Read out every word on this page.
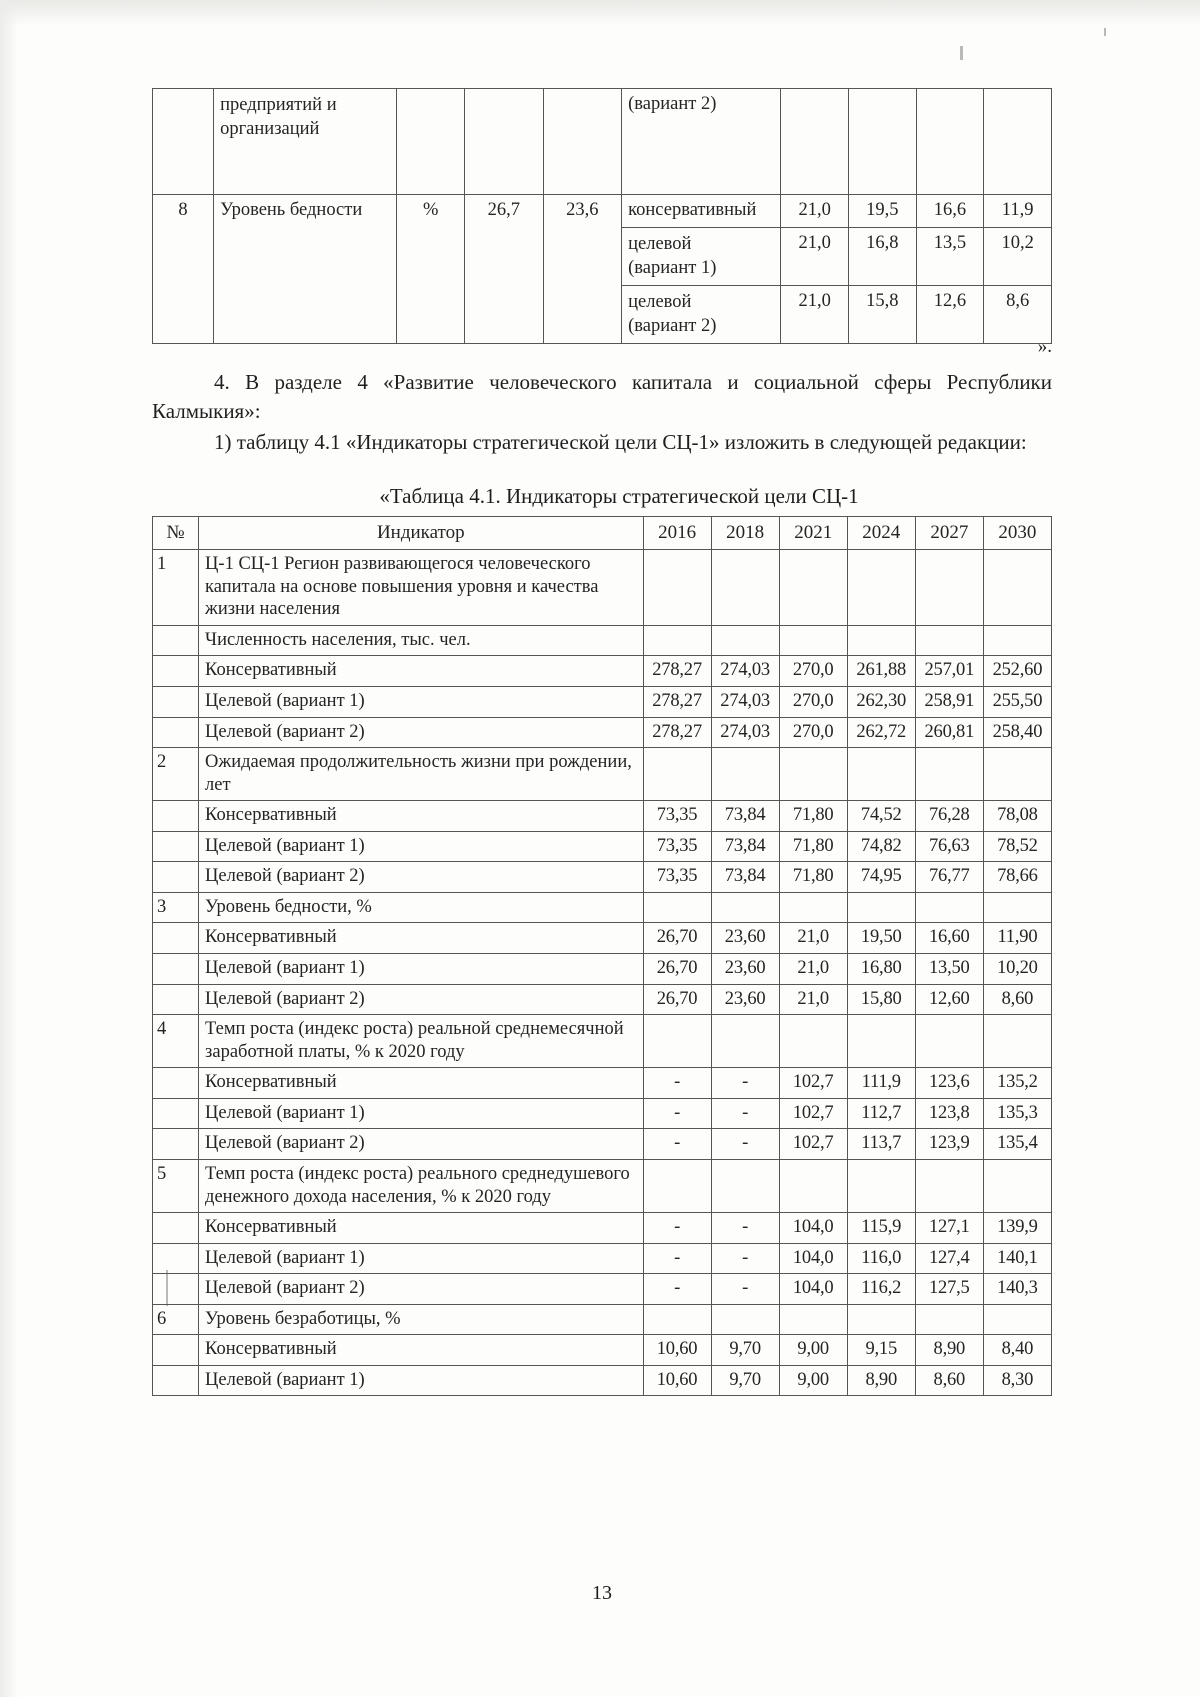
	предприятий и
организаций				(вариант 2)				
8	Уровень бедности	%	26,7	23,6	консервативный	21,0	19,5	16,6	11,9

					целевой
(вариант 1)	21,0	16,8	13,5	10,2

					целевой
(вариант 2)	21,0	15,8	12,6	8,6
».
4. В разделе 4 «Развитие человеческого капитала и социальной сферы Республики Калмыкия»:
1) таблицу 4.1 «Индикаторы стратегической цели СЦ-1» изложить в следующей редакции:
«Таблица 4.1. Индикаторы стратегической цели СЦ-1
№	Индикатор	2016	2018	2021	2024	2027	2030
1	Ц-1 СЦ-1 Регион развивающегося человеческого капитала на основе повышения уровня и качества жизни населения						
	Численность населения, тыс. чел.						
	Консервативный	278,27	274,03	270,0	261,88	257,01	252,60
	Целевой (вариант 1)	278,27	274,03	270,0	262,30	258,91	255,50
	Целевой (вариант 2)	278,27	274,03	270,0	262,72	260,81	258,40
2	Ожидаемая продолжительность жизни при рождении, лет						
	Консервативный	73,35	73,84	71,80	74,52	76,28	78,08
	Целевой (вариант 1)	73,35	73,84	71,80	74,82	76,63	78,52
	Целевой (вариант 2)	73,35	73,84	71,80	74,95	76,77	78,66
3	Уровень бедности, %						
	Консервативный	26,70	23,60	21,0	19,50	16,60	11,90
	Целевой (вариант 1)	26,70	23,60	21,0	16,80	13,50	10,20
	Целевой (вариант 2)	26,70	23,60	21,0	15,80	12,60	8,60
4	Темп роста (индекс роста) реальной среднемесячной заработной платы, % к 2020 году						
	Консервативный	-	-	102,7	111,9	123,6	135,2
	Целевой (вариант 1)	-	-	102,7	112,7	123,8	135,3
	Целевой (вариант 2)	-	-	102,7	113,7	123,9	135,4
5	Темп роста (индекс роста) реального среднедушевого денежного дохода населения, % к 2020 году						
	Консервативный	-	-	104,0	115,9	127,1	139,9
	Целевой (вариант 1)	-	-	104,0	116,0	127,4	140,1
	Целевой (вариант 2)	-	-	104,0	116,2	127,5	140,3
6	Уровень безработицы, %						
	Консервативный	10,60	9,70	9,00	9,15	8,90	8,40
	Целевой (вариант 1)	10,60	9,70	9,00	8,90	8,60	8,30
13
